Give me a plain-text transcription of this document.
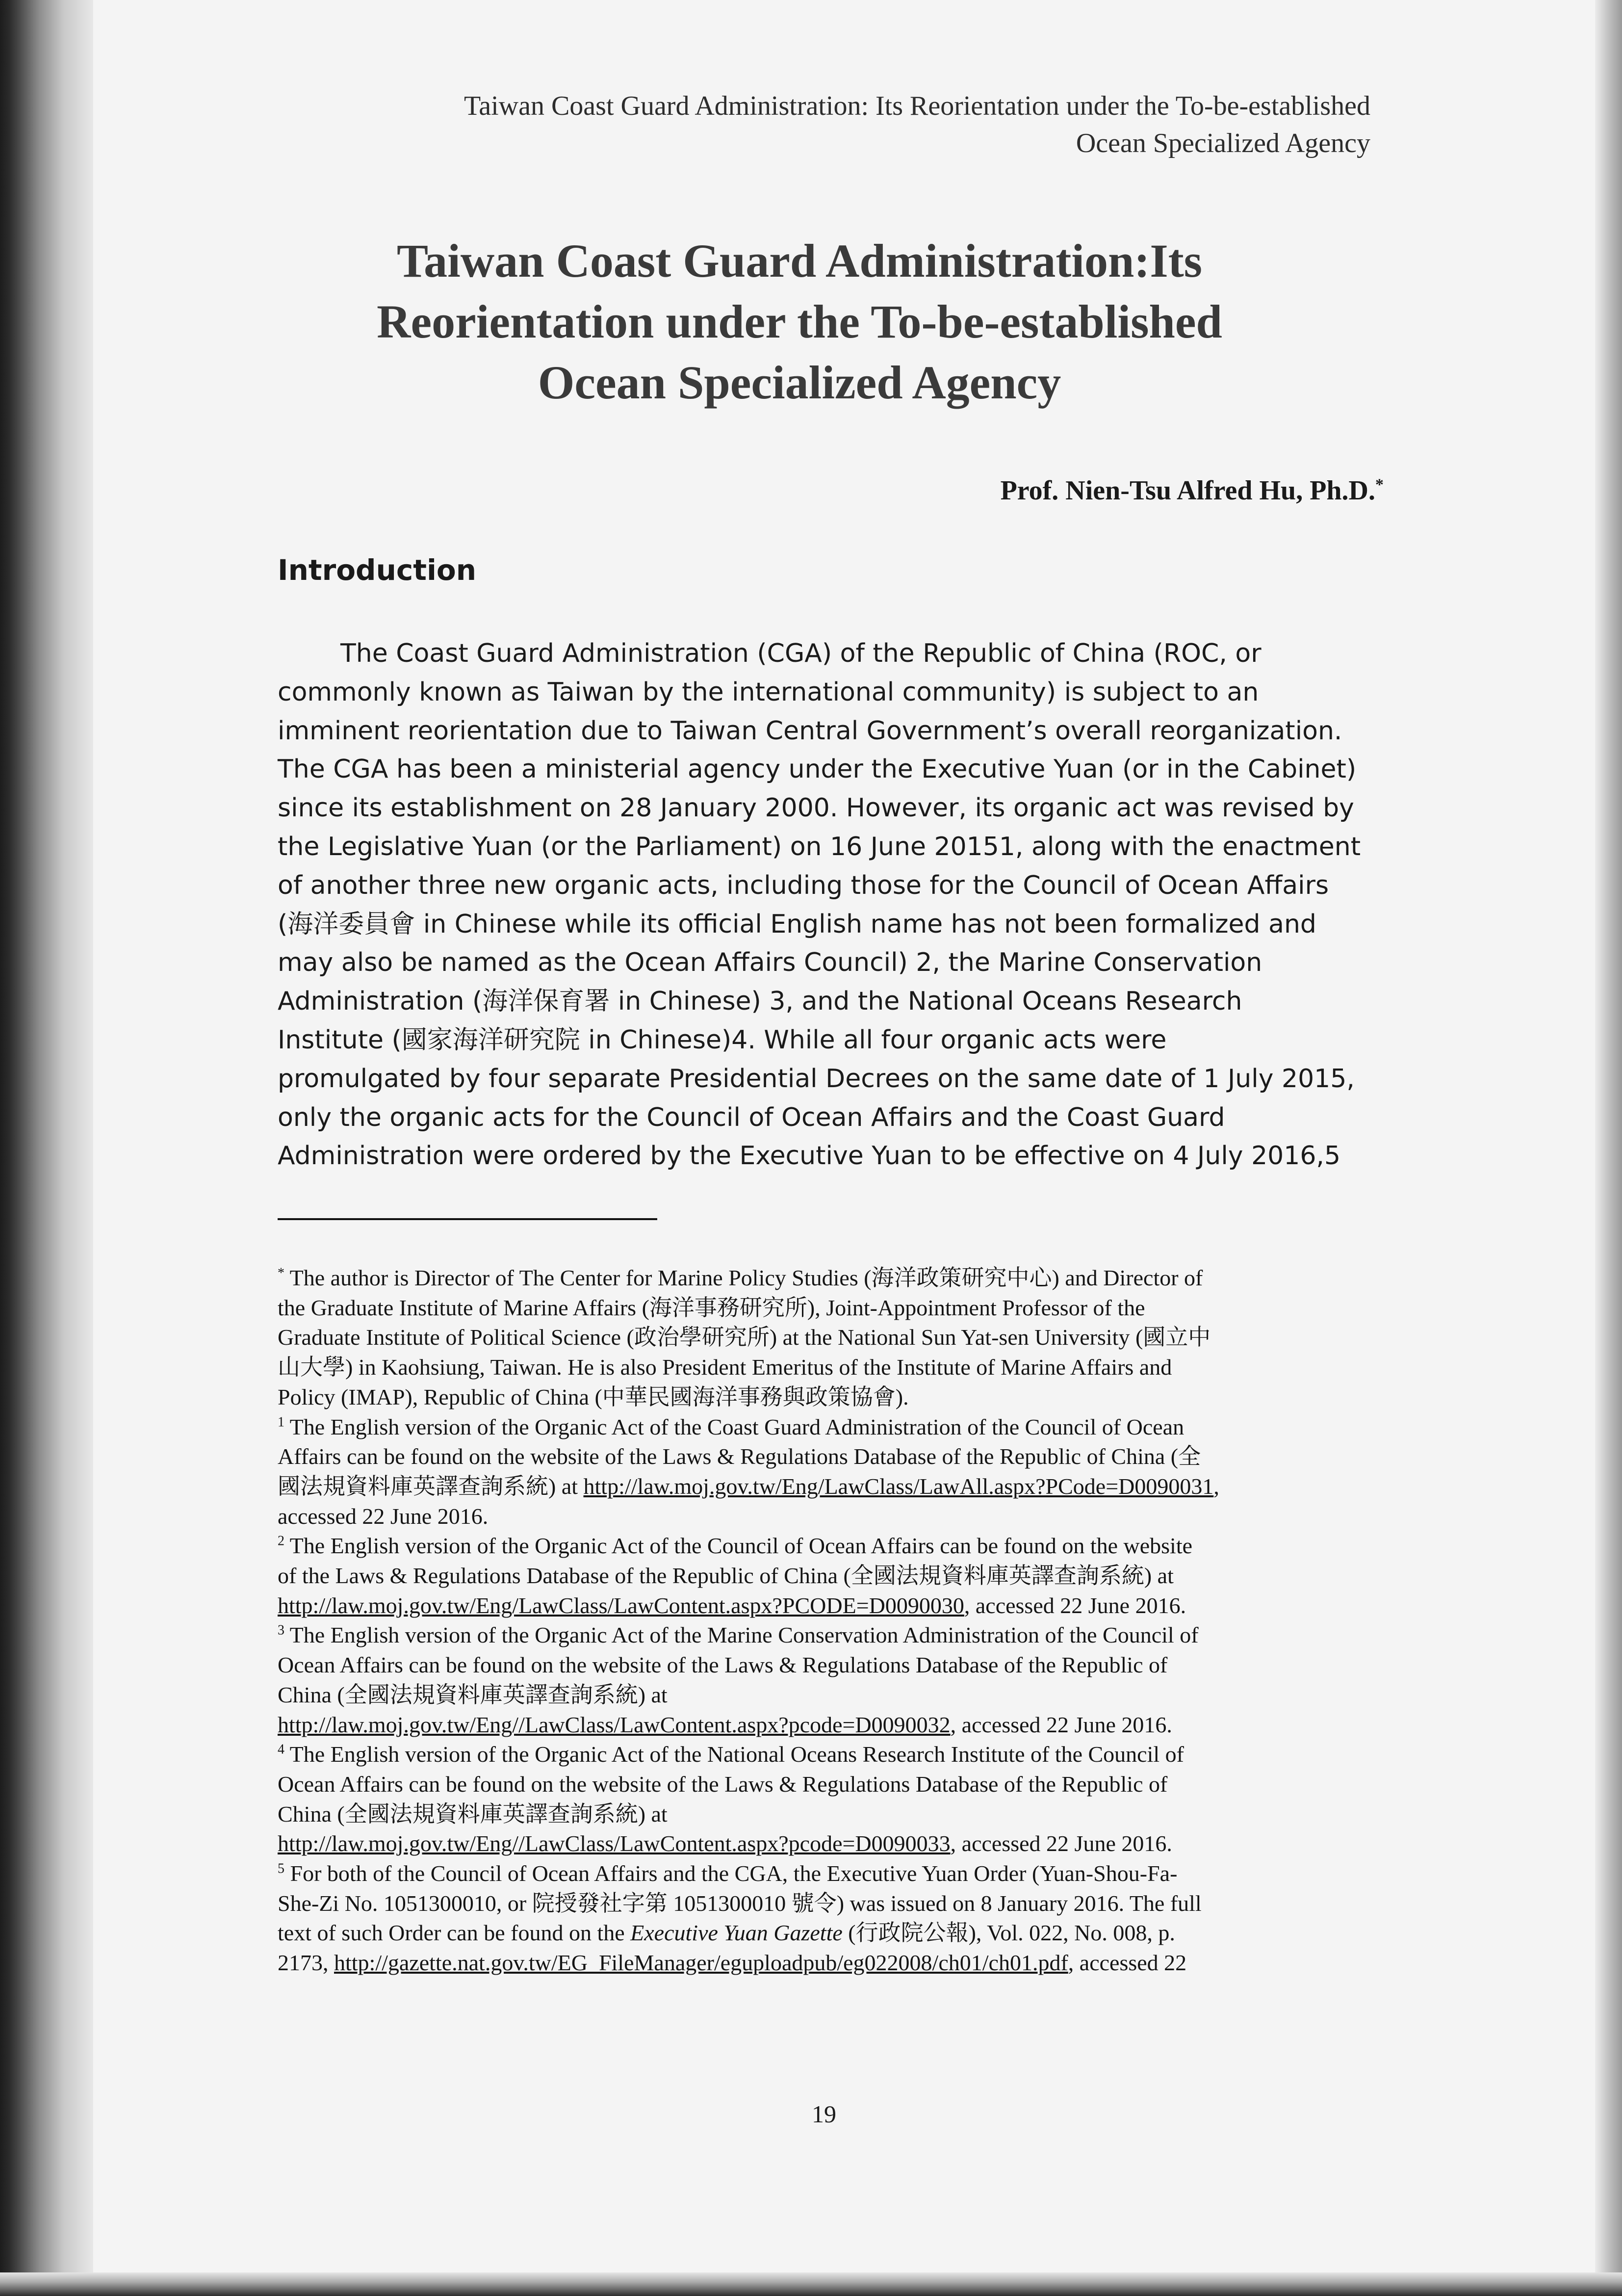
Taiwan Coast Guard Administration: Its Reorientation under the To-be-established
Ocean Specialized Agency
Taiwan Coast Guard Administration:Its
Reorientation under the To-be-established
Ocean Specialized Agency
Prof. Nien-Tsu Alfred Hu, Ph.D.*
Introduction
The Coast Guard Administration (CGA) of the Republic of China (ROC, or
commonly known as Taiwan by the international community) is subject to an
imminent reorientation due to Taiwan Central Government’s overall reorganization.
The CGA has been a ministerial agency under the Executive Yuan (or in the Cabinet)
since its establishment on 28 January 2000. However, its organic act was revised by
the Legislative Yuan (or the Parliament) on 16 June 20151, along with the enactment
of another three new organic acts, including those for the Council of Ocean Affairs
(海洋委員會 in Chinese while its official English name has not been formalized and
may also be named as the Ocean Affairs Council) 2, the Marine Conservation
Administration (海洋保育署 in Chinese) 3, and the National Oceans Research
Institute (國家海洋研究院 in Chinese)4. While all four organic acts were
promulgated by four separate Presidential Decrees on the same date of 1 July 2015,
only the organic acts for the Council of Ocean Affairs and the Coast Guard
Administration were ordered by the Executive Yuan to be effective on 4 July 2016,5
* The author is Director of The Center for Marine Policy Studies (海洋政策研究中心) and Director of
the Graduate Institute of Marine Affairs (海洋事務研究所), Joint-Appointment Professor of the
Graduate Institute of Political Science (政治學研究所) at the National Sun Yat-sen University (國立中
山大學) in Kaohsiung, Taiwan. He is also President Emeritus of the Institute of Marine Affairs and
Policy (IMAP), Republic of China (中華民國海洋事務與政策協會).
$^1$ The English version of the Organic Act of the Coast Guard Administration of the Council of Ocean
Affairs can be found on the website of the Laws & Regulations Database of the Republic of China (全
國法規資料庫英譯查詢系統) at http://law.moj.gov.tw/Eng/LawClass/LawAll.aspx?PCode=D0090031,
accessed 22 June 2016.
$^2$ The English version of the Organic Act of the Council of Ocean Affairs can be found on the website
of the Laws & Regulations Database of the Republic of China (全國法規資料庫英譯查詢系統) at
http://law.moj.gov.tw/Eng/LawClass/LawContent.aspx?PCODE=D0090030, accessed 22 June 2016.
$^3$ The English version of the Organic Act of the Marine Conservation Administration of the Council of
Ocean Affairs can be found on the website of the Laws & Regulations Database of the Republic of
China (全國法規資料庫英譯查詢系統) at
http://law.moj.gov.tw/Eng//LawClass/LawContent.aspx?pcode=D0090032, accessed 22 June 2016.
$^4$ The English version of the Organic Act of the National Oceans Research Institute of the Council of
Ocean Affairs can be found on the website of the Laws & Regulations Database of the Republic of
China (全國法規資料庫英譯查詢系統) at
http://law.moj.gov.tw/Eng//LawClass/LawContent.aspx?pcode=D0090033, accessed 22 June 2016.
$^5$ For both of the Council of Ocean Affairs and the CGA, the Executive Yuan Order (Yuan-Shou-Fa-
She-Zi No. 1051300010, or 院授發社字第 1051300010 號令) was issued on 8 January 2016. The full
text of such Order can be found on the Executive Yuan Gazette (行政院公報), Vol. 022, No. 008, p.
2173, http://gazette.nat.gov.tw/EG_FileManager/eguploadpub/eg022008/ch01/ch01.pdf, accessed 22
19
